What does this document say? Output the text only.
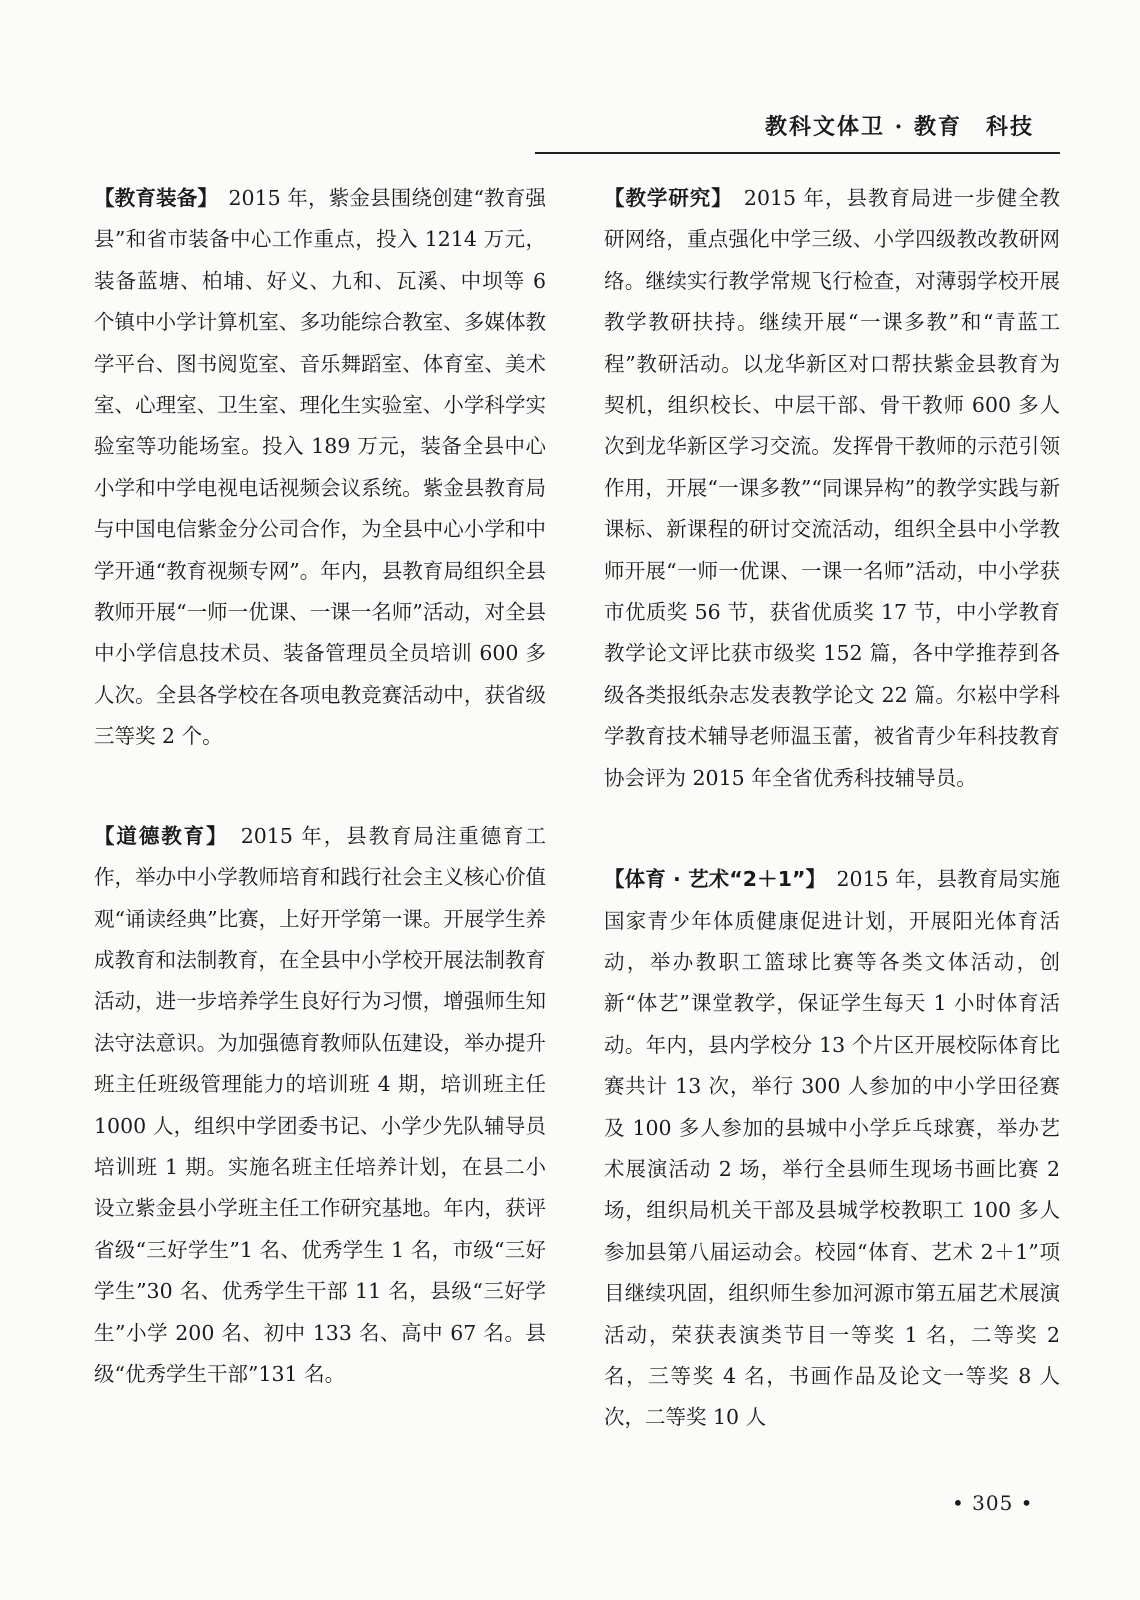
教科文体卫 · 教育　科技

【教育装备】　2015 年，紫金县围绕创建“教育强县”和省市装备中心工作重点，投入 1214 万元，装备蓝塘、柏埔、好义、九和、瓦溪、中坝等 6 个镇中小学计算机室、多功能综合教室、多媒体教学平台、图书阅览室、音乐舞蹈室、体育室、美术室、心理室、卫生室、理化生实验室、小学科学实验室等功能场室。投入 189 万元，装备全县中心小学和中学电视电话视频会议系统。紫金县教育局与中国电信紫金分公司合作，为全县中心小学和中学开通“教育视频专网”。年内，县教育局组织全县教师开展“一师一优课、一课一名师”活动，对全县中小学信息技术员、装备管理员全员培训 600 多人次。全县各学校在各项电教竞赛活动中，获省级三等奖 2 个。

【道德教育】　2015 年，县教育局注重德育工作，举办中小学教师培育和践行社会主义核心价值观“诵读经典”比赛，上好开学第一课。开展学生养成教育和法制教育，在全县中小学校开展法制教育活动，进一步培养学生良好行为习惯，增强师生知法守法意识。为加强德育教师队伍建设，举办提升班主任班级管理能力的培训班 4 期，培训班主任 1000 人，组织中学团委书记、小学少先队辅导员培训班 1 期。实施名班主任培养计划，在县二小设立紫金县小学班主任工作研究基地。年内，获评省级“三好学生”1 名、优秀学生 1 名，市级“三好学生”30 名、优秀学生干部 11 名，县级“三好学生”小学 200 名、初中 133 名、高中 67 名。县级“优秀学生干部”131 名。

【教学研究】　2015 年，县教育局进一步健全教研网络，重点强化中学三级、小学四级教改教研网络。继续实行教学常规飞行检查，对薄弱学校开展教学教研扶持。继续开展“一课多教”和“青蓝工程”教研活动。以龙华新区对口帮扶紫金县教育为契机，组织校长、中层干部、骨干教师 600 多人次到龙华新区学习交流。发挥骨干教师的示范引领作用，开展“一课多教”“同课异构”的教学实践与新课标、新课程的研讨交流活动，组织全县中小学教师开展“一师一优课、一课一名师”活动，中小学获市优质奖 56 节，获省优质奖 17 节，中小学教育教学论文评比获市级奖 152 篇，各中学推荐到各级各类报纸杂志发表教学论文 22 篇。尔崧中学科学教育技术辅导老师温玉蕾，被省青少年科技教育协会评为 2015 年全省优秀科技辅导员。

【体育 · 艺术“2＋1”】　2015 年，县教育局实施国家青少年体质健康促进计划，开展阳光体育活动，举办教职工篮球比赛等各类文体活动，创新“体艺”课堂教学，保证学生每天 1 小时体育活动。年内，县内学校分 13 个片区开展校际体育比赛共计 13 次，举行 300 人参加的中小学田径赛及 100 多人参加的县城中小学乒乓球赛，举办艺术展演活动 2 场，举行全县师生现场书画比赛 2 场，组织局机关干部及县城学校教职工 100 多人参加县第八届运动会。校园“体育、艺术 2＋1”项目继续巩固，组织师生参加河源市第五届艺术展演活动，荣获表演类节目一等奖 1 名，二等奖 2 名，三等奖 4 名，书画作品及论文一等奖 8 人次，二等奖 10 人

• 305 •
